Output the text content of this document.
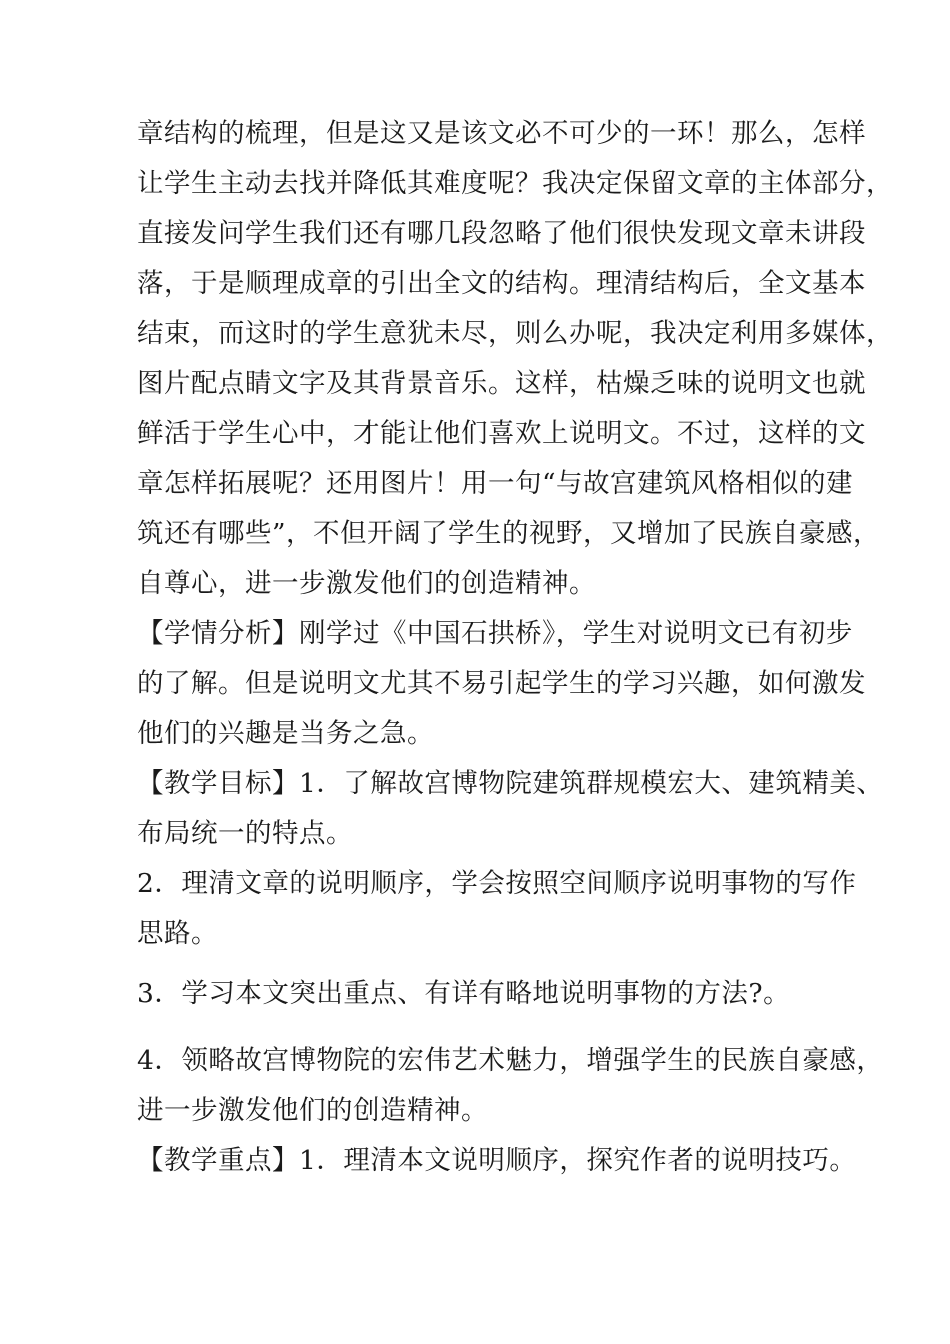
章结构的梳理，但是这又是该文必不可少的一环！那么，怎样
让学生主动去找并降低其难度呢？我决定保留文章的主体部分，
直接发问学生我们还有哪几段忽略了他们很快发现文章未讲段
落，于是顺理成章的引出全文的结构。理清结构后，全文基本
结束，而这时的学生意犹未尽，则么办呢，我决定利用多媒体，
图片配点睛文字及其背景音乐。这样，枯燥乏味的说明文也就
鲜活于学生心中，才能让他们喜欢上说明文。不过，这样的文
章怎样拓展呢？还用图片！用一句“与故宫建筑风格相似的建
筑还有哪些”，不但开阔了学生的视野，又增加了民族自豪感，
自尊心，进一步激发他们的创造精神。
【学情分析】刚学过《中国石拱桥》，学生对说明文已有初步
的了解。但是说明文尤其不易引起学生的学习兴趣，如何激发
他们的兴趣是当务之急。
【教学目标】1．了解故宫博物院建筑群规模宏大、建筑精美、
布局统一的特点。
2．理清文章的说明顺序，学会按照空间顺序说明事物的写作
思路。
3．学习本文突出重点、有详有略地说明事物的方法?。
4．领略故宫博物院的宏伟艺术魅力，增强学生的民族自豪感，
进一步激发他们的创造精神。
【教学重点】1．理清本文说明顺序，探究作者的说明技巧。
